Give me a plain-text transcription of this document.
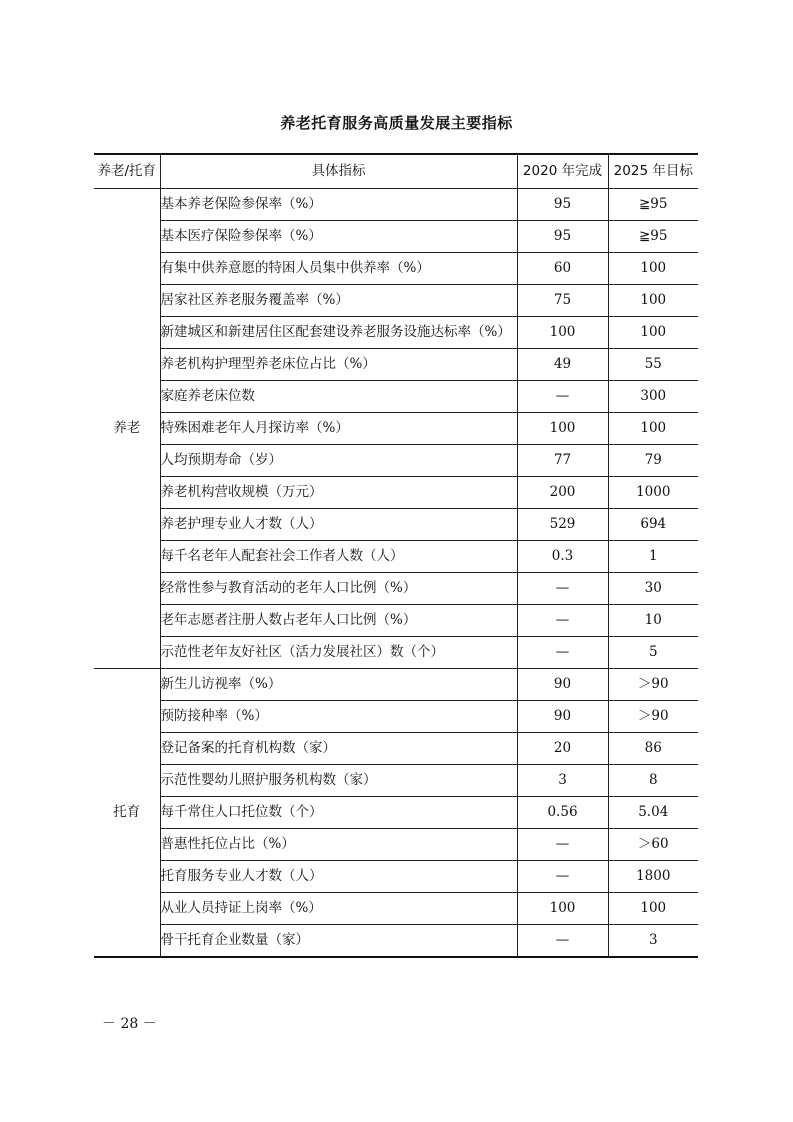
养老托育服务高质量发展主要指标
养老/托育	具体指标	2020 年完成	2025 年目标
养老	基本养老保险参保率（%）	95	≧95
	基本医疗保险参保率（%）	95	≧95
	有集中供养意愿的特困人员集中供养率（%）	60	100
	居家社区养老服务覆盖率（%）	75	100
	新建城区和新建居住区配套建设养老服务设施达标率（%）	100	100
	养老机构护理型养老床位占比（%）	49	55
	家庭养老床位数	—	300
	特殊困难老年人月探访率（%）	100	100
	人均预期寿命（岁）	77	79
	养老机构营收规模（万元）	200	1000
	养老护理专业人才数（人）	529	694
	每千名老年人配套社会工作者人数（人）	0.3	1
	经常性参与教育活动的老年人口比例（%）	—	30
	老年志愿者注册人数占老年人口比例（%）	—	10
	示范性老年友好社区（活力发展社区）数（个）	—	5
托育	新生儿访视率（%）	90	＞90
	预防接种率（%）	90	＞90
	登记备案的托育机构数（家）	20	86
	示范性婴幼儿照护服务机构数（家）	3	8
	每千常住人口托位数（个）	0.56	5.04
	普惠性托位占比（%）	—	＞60
	托育服务专业人才数（人）	—	1800
	从业人员持证上岗率（%）	100	100
	骨干托育企业数量（家）	—	3
－ 28 －
